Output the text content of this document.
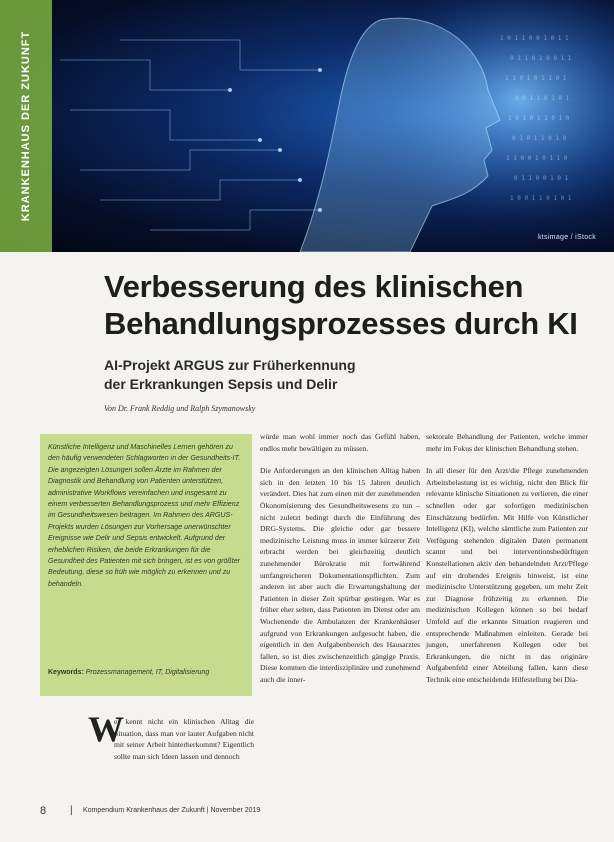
1 0 1 1 0 0 1 0 1 1
0 1 1 0 1 0 0 1 1
1 1 0 1 0 1 1 0 1
0 0 1 1 0 1 0 1
1 0 1 0 1 1 0 1 0
0 1 0 1 1 0 1 0
1 1 0 0 1 0 1 1 0
0 1 1 0 0 1 0 1
1 0 0 1 1 0 1 0 1
ktsimage / iStock
KRANKENHAUS DER ZUKUNFT
Verbesserung des klinischen
Behandlungsprozesses durch KI
AI-Projekt ARGUS zur Früherkennung
der Erkrankungen Sepsis und Delir
Von Dr. Frank Reddig und Ralph Szymanowsky

Künstliche Intelligenz und Maschinelles Lernen gehören zu den häufig verwendeten Schlagworten in der Gesundheits-IT. Die angezeigten Lösungen sollen Ärzte im Rahmen der Diagnostik und Behandlung von Patienten unterstützen, administrative Workflows vereinfachen und insgesamt zu einem verbesserten Behandlungsprozess und mehr Effizienz im Gesundheitswesen beitragen. Im Rahmen des ARGUS-Projekts wurden Lösungen zur Vorhersage unerwünschter Ereignisse wie Delir und Sepsis entwickelt. Aufgrund der erheblichen Risiken, die beide Erkrankungen für die Gesundheit des Patienten mit sich bringen, ist es von größter Bedeutung, diese so früh wie möglich zu erkennen und zu behandeln.

Keywords: Prozessmanagement, IT, Digitalisierung
W

er kennt nicht ein klinischen Alltag die Situation, dass man vor lauter Aufgaben nicht mit seiner Arbeit hinterherkommt? Eigentlich sollte man sich Ideen lassen und dennoch

würde man wohl immer noch das Gefühl haben, endlos mehr bewältigen zu müssen.

Die Anforderungen an den klinischen Alltag haben sich in den letzten 10 bis 15 Jahren deutlich verändert. Dies hat zum einen mit der zunehmenden Ökonomisierung des Gesundheitswesens zu tun – nicht zuletzt bedingt durch die Einführung des DRG-Systems. Die gleiche oder gar bessere medizinische Leistung muss in immer kürzerer Zeit erbracht werden bei gleichzeitig deutlich zunehmender Bürokratie mit fortwährend umfangreicheren Dokumentationspflichten. Zum anderen ist aber auch die Erwartungshaltung der Patienten in dieser Zeit spürbar gestiegen. War es früher eher selten, dass Patienten im Dienst oder am Wochenende die Ambulanzen der Krankenhäuser aufgrund von Erkrankungen aufgesucht haben, die eigentlich in den Aufgabenbereich des Hausarztes fallen, so ist dies zwischenzeitlich gängige Praxis. Diese kommen die interdisziplinäre und zunehmend auch die inner-

sektorale Behandlung der Patienten, welche immer mehr im Fokus der klinischen Behandlung stehen.

In all dieser für den Arzt/die Pflege zunehmenden Arbeitsbelastung ist es wichtig, nicht den Blick für relevante klinische Situationen zu verlieren, die einer schnellen oder gar sofortigen medizinischen Einschätzung bedürfen. Mit Hilfe von Künstlicher Intelligenz (KI), welche sämtliche zum Patienten zur Verfügung stehenden digitalen Daten permanent scannt und bei interventionsbedürftigen Konstellationen aktiv den behandelnden Arzt/Pflege auf ein drohendes Ereignis hinweist, ist eine medizinische Unterstützung gegeben, um mehr Zeit zur Diagnose frühzeitig zu erkennen. Die medizinischen Kollegen können so bei bedarf Umfeld auf die erkannte Situation reagieren und entsprechende Maßnahmen einleiten. Gerade bei jungen, unerfahrenen Kollegen oder bei Erkrankungen, die nicht in das originäre Aufgabenfeld einer Abteilung fallen, kann diese Technik eine entscheidende Hilfestellung bei Dia-

8 | Kompendium Krankenhaus der Zukunft | November 2019
